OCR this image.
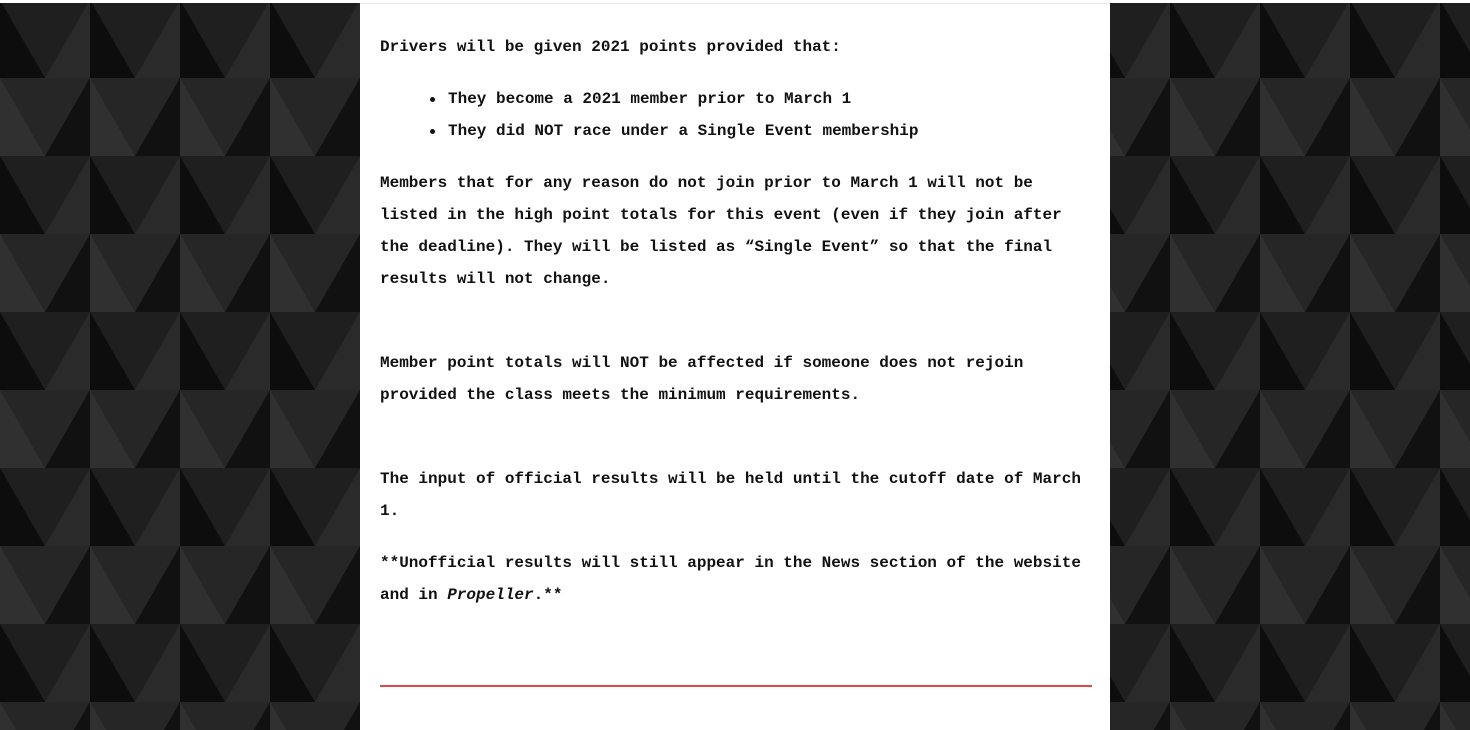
Drivers will be given 2021 points provided that:

They become a 2021 member prior to March 1
They did NOT race under a Single Event membership

Members that for any reason do not join prior to March 1 will not be listed in the high point totals for this event (even if they join after the deadline). They will be listed as “Single Event” so that the final results will not change.

Member point totals will NOT be affected if someone does not rejoin provided the class meets the minimum requirements.

The input of official results will be held until the cutoff date of March 1.

**Unofficial results will still appear in the News section of the website and in Propeller.**
